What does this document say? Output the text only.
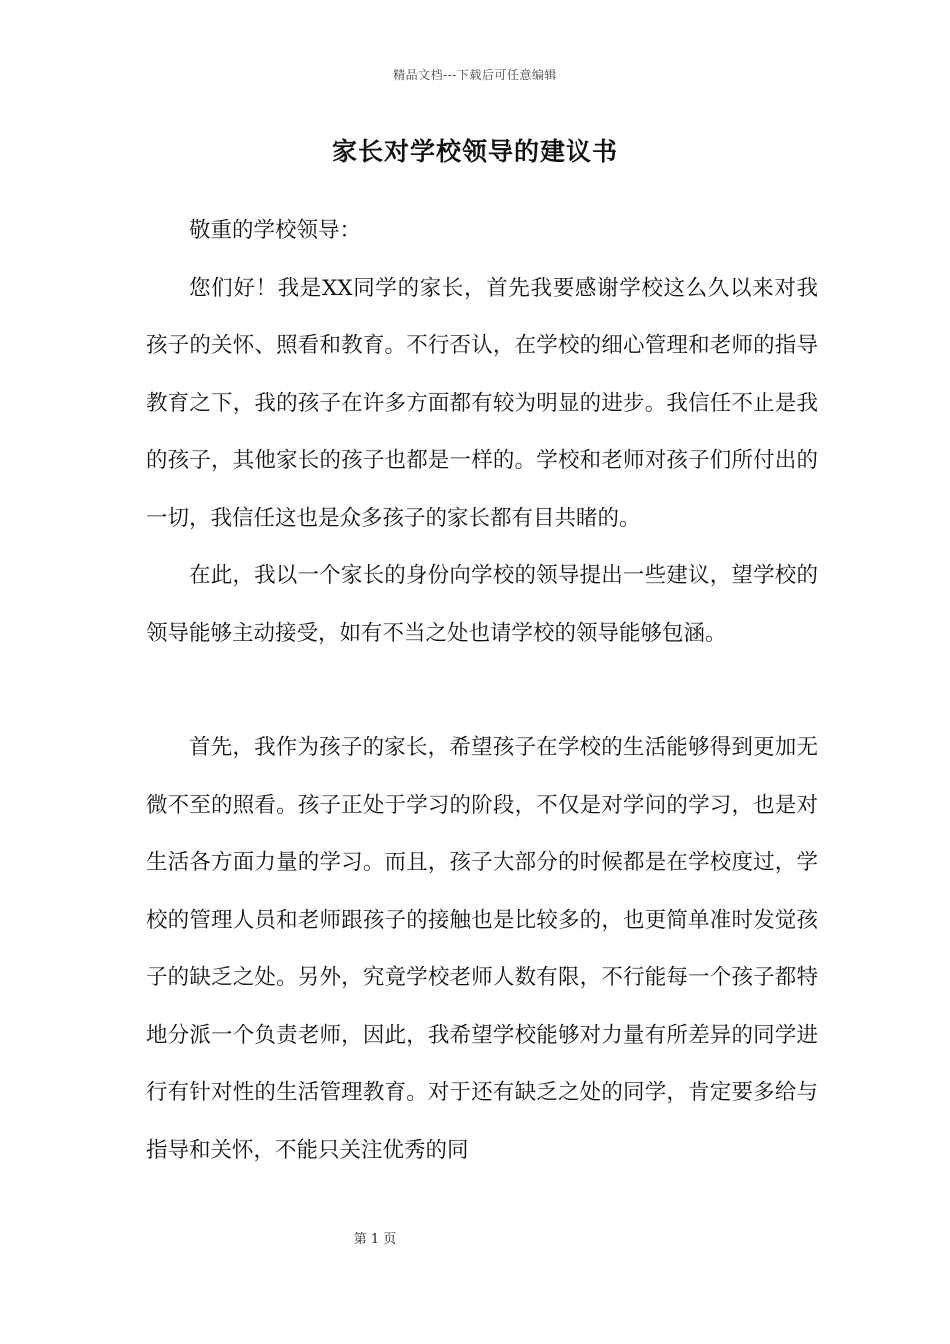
精品文档---下载后可任意编辑
家长对学校领导的建议书

敬重的学校领导：

您们好！我是XX同学的家长，首先我要感谢学校这么久以来对我孩子的关怀、照看和教育。不行否认，在学校的细心管理和老师的指导教育之下，我的孩子在许多方面都有较为明显的进步。我信任不止是我的孩子，其他家长的孩子也都是一样的。学校和老师对孩子们所付出的一切，我信任这也是众多孩子的家长都有目共睹的。

在此，我以一个家长的身份向学校的领导提出一些建议，望学校的领导能够主动接受，如有不当之处也请学校的领导能够包涵。

首先，我作为孩子的家长，希望孩子在学校的生活能够得到更加无微不至的照看。孩子正处于学习的阶段，不仅是对学问的学习，也是对生活各方面力量的学习。而且，孩子大部分的时候都是在学校度过，学校的管理人员和老师跟孩子的接触也是比较多的，也更简单准时发觉孩子的缺乏之处。另外，究竟学校老师人数有限，不行能每一个孩子都特地分派一个负责老师，因此，我希望学校能够对力量有所差异的同学进行有针对性的生活管理教育。对于还有缺乏之处的同学，肯定要多给与指导和关怀，不能只关注优秀的同

第 1 页
